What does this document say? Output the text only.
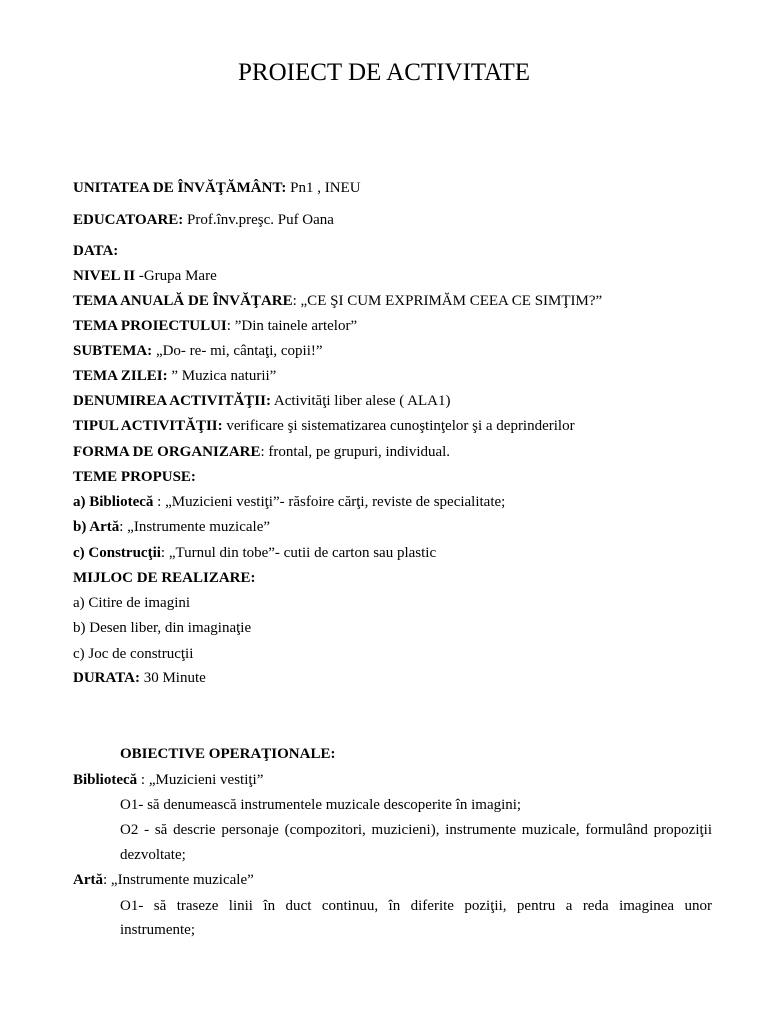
PROIECT DE ACTIVITATE
UNITATEA DE ÎNVĂŢĂMÂNT: Pn1 , INEU
EDUCATOARE: Prof.înv.preşc. Puf Oana
DATA:
NIVEL II -Grupa Mare
TEMA ANUALĂ DE ÎNVĂŢARE: „CE ŞI CUM EXPRIMĂM CEEA CE SIMŢIM?”
TEMA PROIECTULUI: ”Din tainele artelor”
SUBTEMA: „Do- re- mi, cântaţi, copii!”
TEMA ZILEI: ” Muzica naturii”
DENUMIREA ACTIVITĂŢII: Activităţi liber alese ( ALA1)
TIPUL ACTIVITĂŢII: verificare şi sistematizarea cunoştinţelor şi a deprinderilor
FORMA DE ORGANIZARE: frontal, pe grupuri, individual.
TEME PROPUSE:
a) Bibliotecă : „Muzicieni vestiţi”- răsfoire cărţi, reviste de specialitate;
b) Artă: „Instrumente muzicale”
c) Construcţii: „Turnul din tobe”- cutii de carton sau plastic
MIJLOC DE REALIZARE:
a) Citire de imagini
b) Desen liber, din imaginaţie
c) Joc de construcţii
DURATA: 30 Minute
OBIECTIVE OPERAŢIONALE:
Bibliotecă : „Muzicieni vestiţi”
O1- să denumească instrumentele muzicale descoperite în imagini;
O2 - să descrie personaje (compozitori, muzicieni), instrumente muzicale, formulând propoziţii
dezvoltate;
Artă: „Instrumente muzicale”
O1- să traseze linii în duct continuu, în diferite poziţii, pentru a reda imaginea unor
instrumente;
